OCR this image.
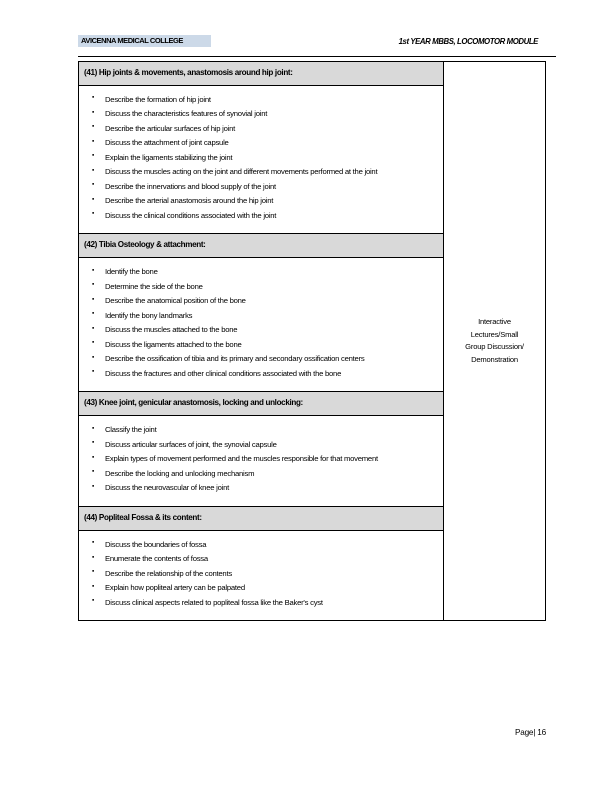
AVICENNA MEDICAL COLLEGE	1st YEAR MBBS, LOCOMOTOR MODULE
(41) Hip joints & movements, anastomosis around hip joint:
▪ Describe the formation of hip joint
▪ Discuss the characteristics features of synovial joint
▪ Describe the articular surfaces of hip joint
▪ Discuss the attachment of joint capsule
▪ Explain the ligaments stabilizing the joint
▪ Discuss the muscles acting on the joint and different movements performed at the joint
▪ Describe the innervations and blood supply of the joint
▪ Describe the arterial anastomosis around the hip joint
▪ Discuss the clinical conditions associated with the joint
(42) Tibia Osteology & attachment:
▪ Identify the bone
▪ Determine the side of the bone
▪ Describe the anatomical position of the bone
▪ Identify the bony landmarks
▪ Discuss the muscles attached to the bone
▪ Discuss the ligaments attached to the bone
▪ Describe the ossification of tibia and its primary and secondary ossification centers
▪ Discuss the fractures and other clinical conditions associated with the bone
(43) Knee joint, genicular anastomosis, locking and unlocking:
▪ Classify the joint
▪ Discuss articular surfaces of joint, the synovial capsule
▪ Explain types of movement performed and the muscles responsible for that movement
▪ Describe the locking and unlocking mechanism
▪ Discuss the neurovascular of knee joint
(44) Popliteal Fossa & its content:
▪ Discuss the boundaries of fossa
▪ Enumerate the contents of fossa
▪ Describe the relationship of the contents
▪ Explain how popliteal artery can be palpated
▪ Discuss clinical aspects related to popliteal fossa like the Baker's cyst
Interactive
Lectures/Small
Group Discussion/
Demonstration
Page| 16
